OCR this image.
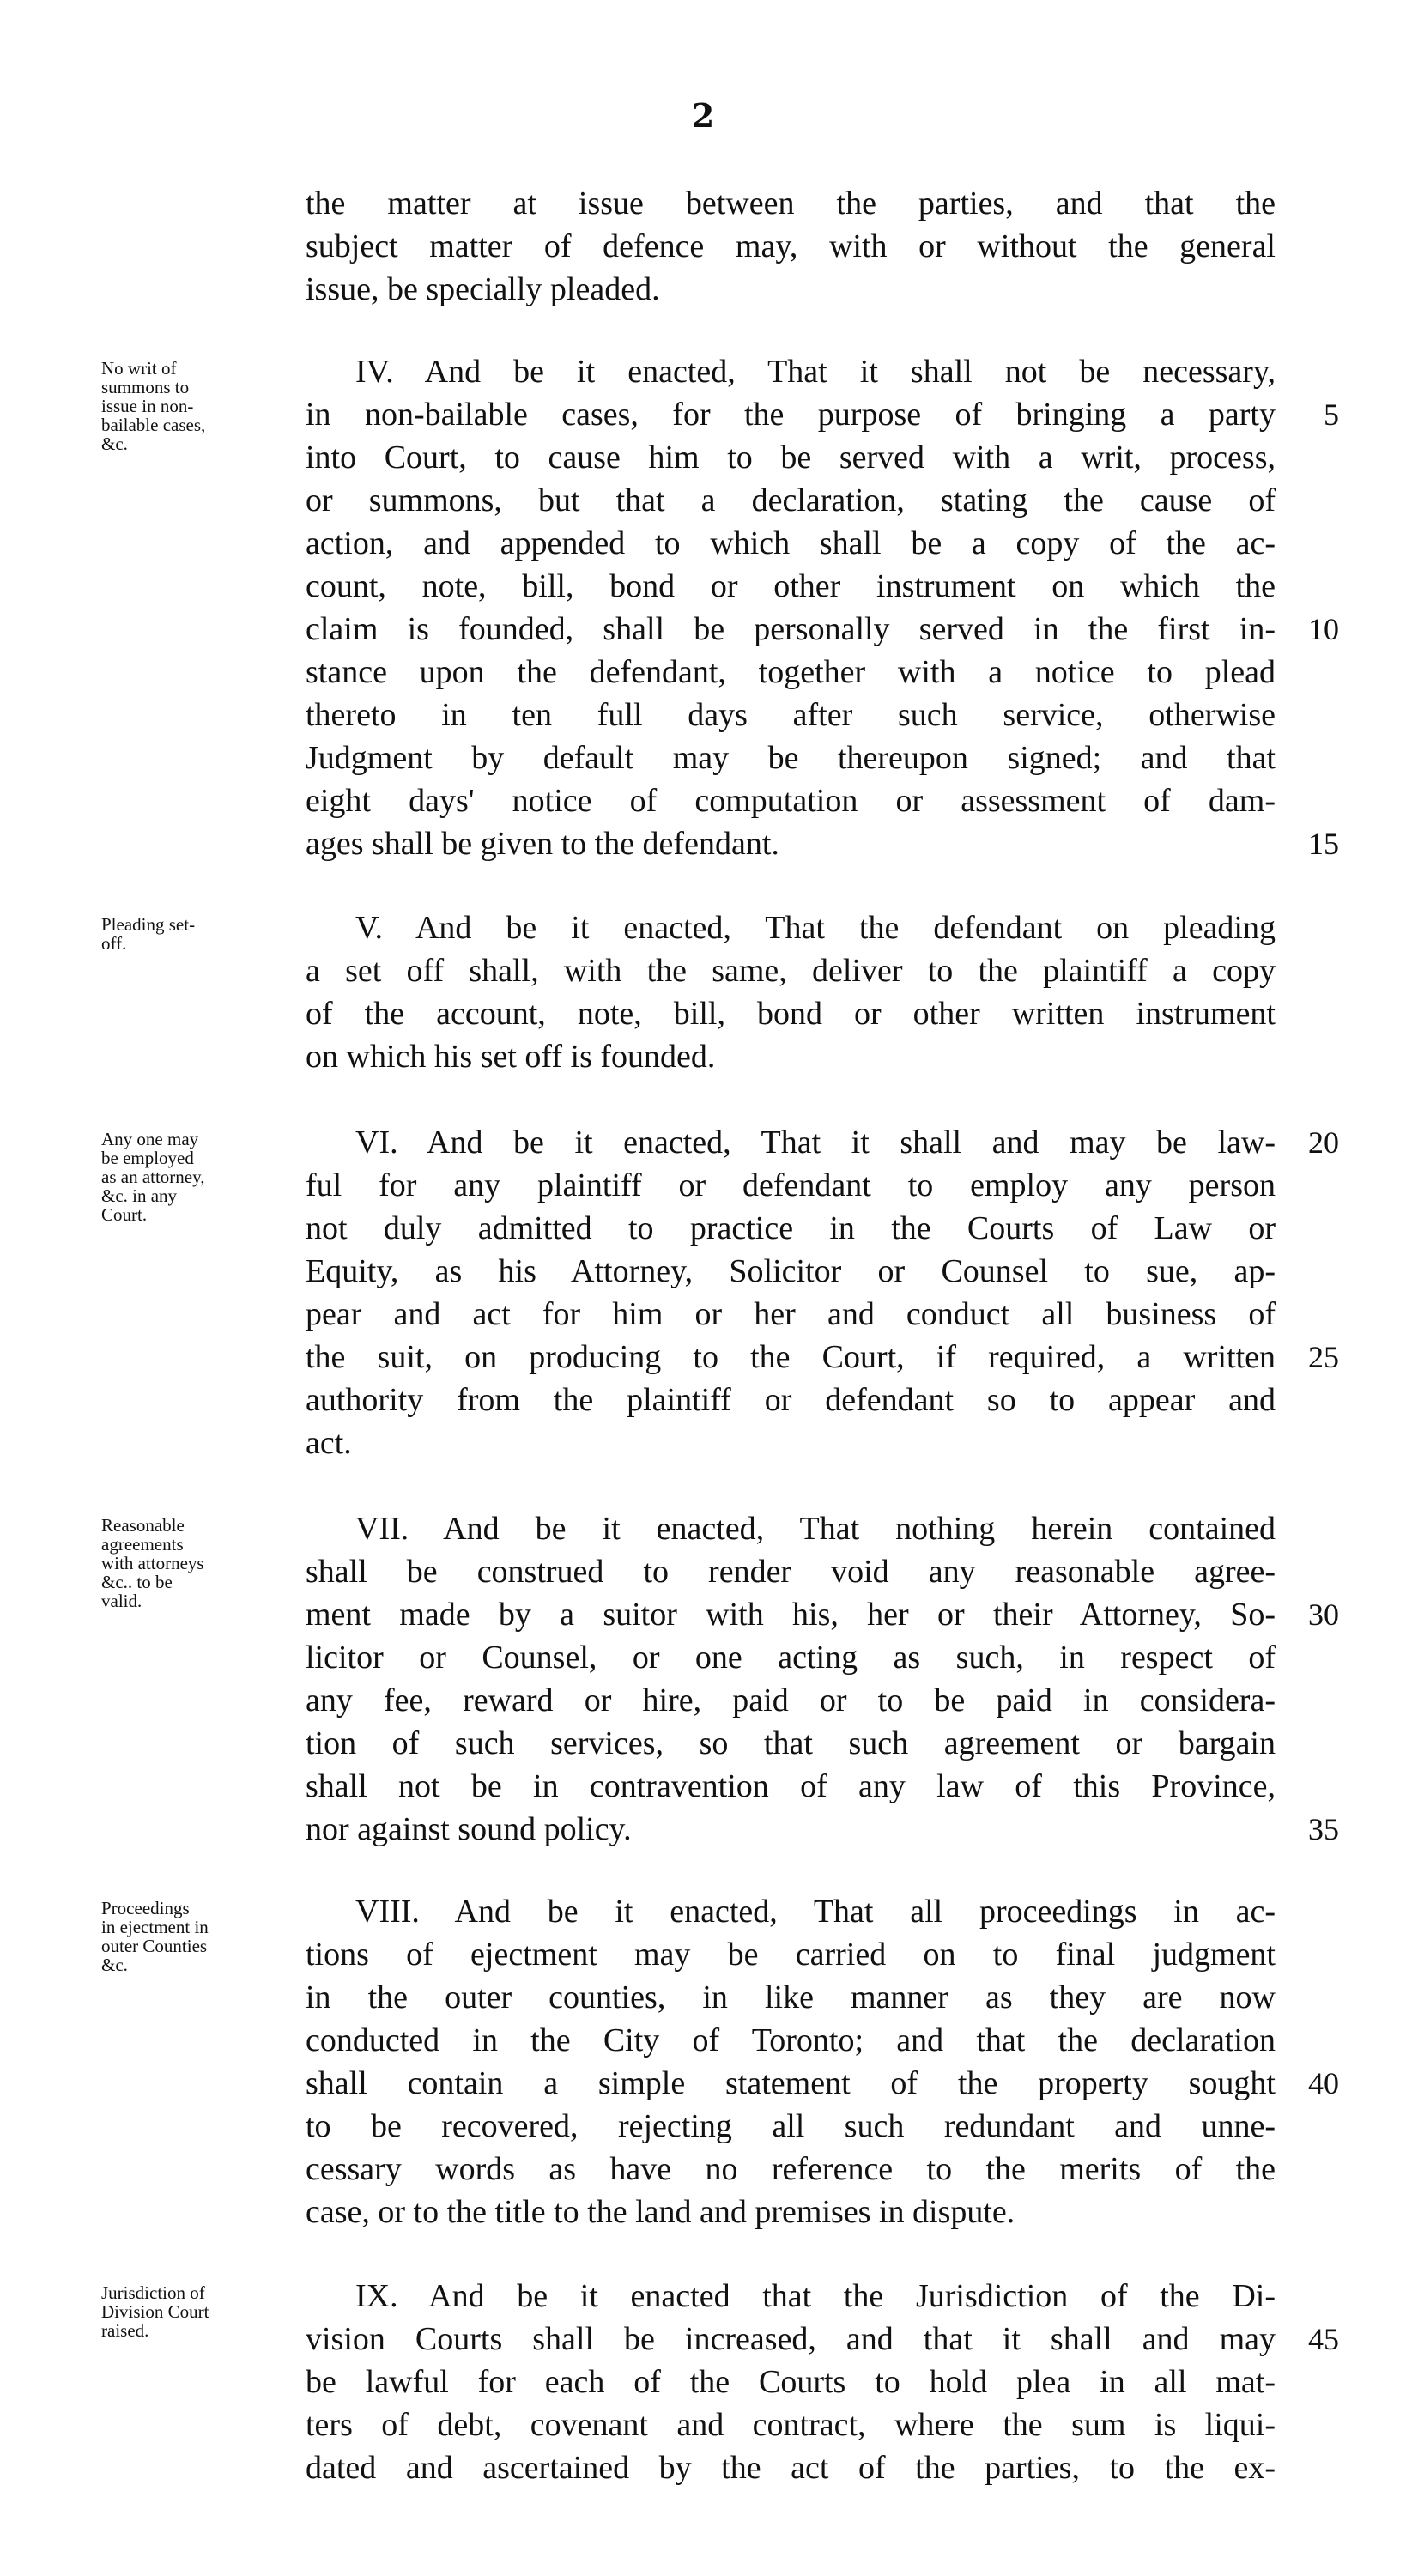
2
the matter at issue between the parties, and that the
subject matter of defence may, with or without the general
issue, be specially pleaded.
No writ of
summons to
issue in non-
bailable cases,
&c.
IV. And be it enacted, That it shall not be necessary,
in non-bailable cases, for the purpose of bringing a party
into Court, to cause him to be served with a writ, process,
or summons, but that a declaration, stating the cause of
action, and appended to which shall be a copy of the ac-
count, note, bill, bond or other instrument on which the
claim is founded, shall be personally served in the first in-
stance upon the defendant, together with a notice to plead
thereto in ten full days after such service, otherwise
Judgment by default may be thereupon signed; and that
eight days' notice of computation or assessment of dam-
ages shall be given to the defendant.
Pleading set-
off.	V. And be it enacted, That the defendant on pleading
a set off shall, with the same, deliver to the plaintiff a copy
of the account, note, bill, bond or other written instrument
on which his set off is founded.
Any one may
be employed
as an attorney,
&c. in any
Court.
VI. And be it enacted, That it shall and may be law-
ful for any plaintiff or defendant to employ any person
not duly admitted to practice in the Courts of Law or
Equity, as his Attorney, Solicitor or Counsel to sue, ap-
pear and act for him or her and conduct all business of
the suit, on producing to the Court, if required, a written
authority from the plaintiff or defendant so to appear and
act.
Reasonable
agreements
with attorneys
&c.. to be
valid.
VII. And be it enacted, That nothing herein contained
shall be construed to render void any reasonable agree-
ment made by a suitor with his, her or their Attorney, So-
licitor or Counsel, or one acting as such, in respect of
any fee, reward or hire, paid or to be paid in considera-
tion of such services, so that such agreement or bargain
shall not be in contravention of any law of this Province,
nor against sound policy.
Proceedings
in ejectment in
outer Counties
&c.
VIII. And be it enacted, That all proceedings in ac-
tions of ejectment may be carried on to final judgment
in the outer counties, in like manner as they are now
conducted in the City of Toronto; and that the declaration
shall contain a simple statement of the property sought
to be recovered, rejecting all such redundant and unne-
cessary words as have no reference to the merits of the
case, or to the title to the land and premises in dispute.
Jurisdiction of
Division Court
raised.
IX. And be it enacted that the Jurisdiction of the Di-
vision Courts shall be increased, and that it shall and may
be lawful for each of the Courts to hold plea in all mat-
ters of debt, covenant and contract, where the sum is liqui-
dated and ascertained by the act of the parties, to the ex-
5
10
15
20
25
30
35
40
45
